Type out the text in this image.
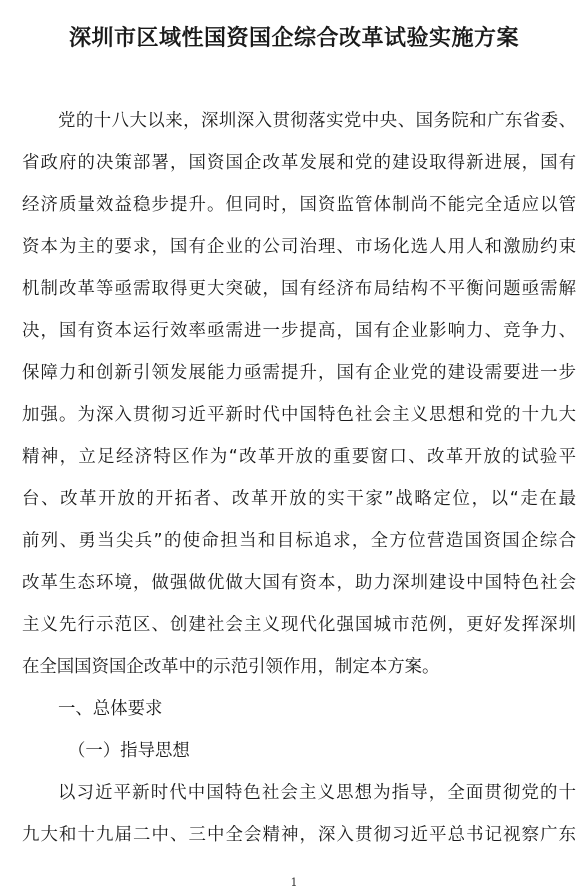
深圳市区域性国资国企综合改革试验实施方案
党的十八大以来，深圳深入贯彻落实党中央、国务院和广东省委、
省政府的决策部署，国资国企改革发展和党的建设取得新进展，国有
经济质量效益稳步提升。但同时，国资监管体制尚不能完全适应以管
资本为主的要求，国有企业的公司治理、市场化选人用人和激励约束
机制改革等亟需取得更大突破，国有经济布局结构不平衡问题亟需解
决，国有资本运行效率亟需进一步提高，国有企业影响力、竞争力、
保障力和创新引领发展能力亟需提升，国有企业党的建设需要进一步
加强。为深入贯彻习近平新时代中国特色社会主义思想和党的十九大
精神，立足经济特区作为“改革开放的重要窗口、改革开放的试验平
台、改革开放的开拓者、改革开放的实干家”战略定位，以“走在最
前列、勇当尖兵”的使命担当和目标追求，全方位营造国资国企综合
改革生态环境，做强做优做大国有资本，助力深圳建设中国特色社会
主义先行示范区、创建社会主义现代化强国城市范例，更好发挥深圳
在全国国资国企改革中的示范引领作用，制定本方案。
一、总体要求
（一）指导思想
以习近平新时代中国特色社会主义思想为指导，全面贯彻党的十
九大和十九届二中、三中全会精神，深入贯彻习近平总书记视察广东
1
